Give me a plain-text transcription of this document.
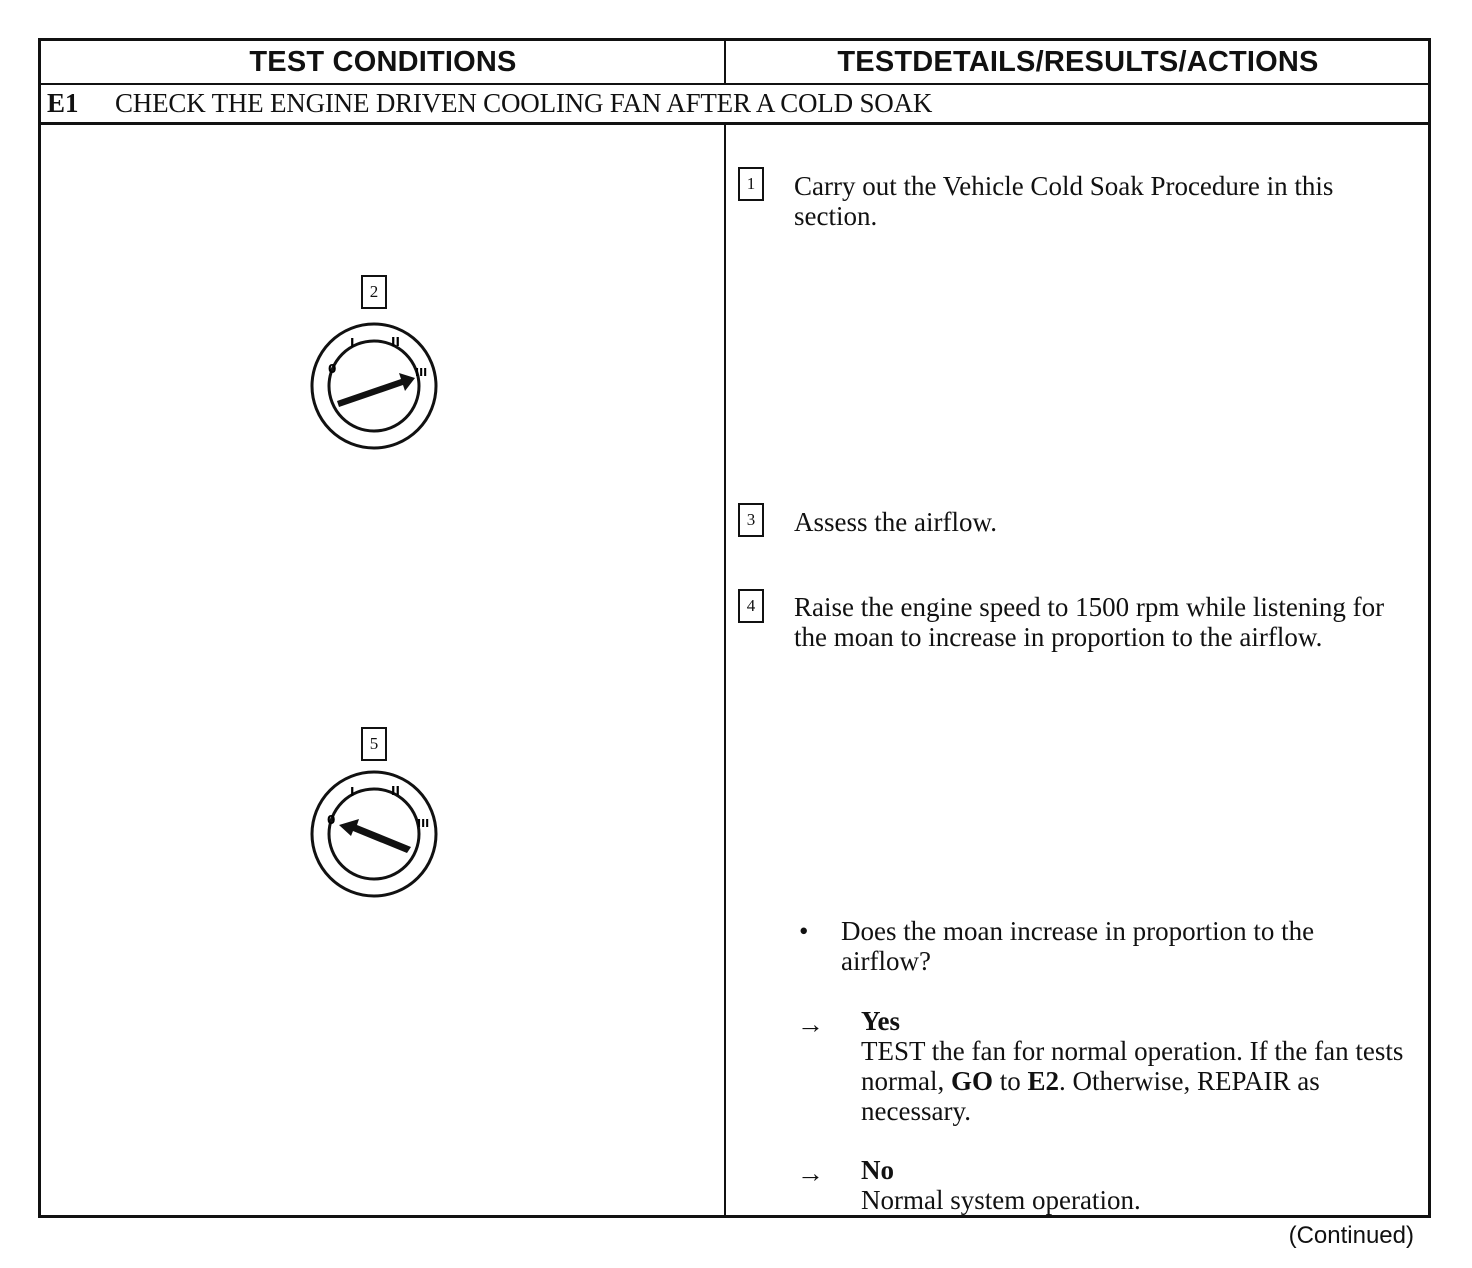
TEST CONDITIONS	TESTDETAILS/RESULTS/ACTIONS
E1	CHECK THE ENGINE DRIVEN COOLING FAN AFTER A COLD SOAK
1	Carry out the Vehicle Cold Soak Procedure in this section.
2
0
I	II
III
3	Assess the airflow.
4	Raise the engine speed to 1500 rpm while listening for the moan to increase in proportion to the airflow.
5
0
I	II
III
• Does the moan increase in proportion to the airflow?
→ Yes
TEST the fan for normal operation. If the fan tests normal, GO to E2. Otherwise, REPAIR as necessary.
→ No
Normal system operation.
(Continued)
